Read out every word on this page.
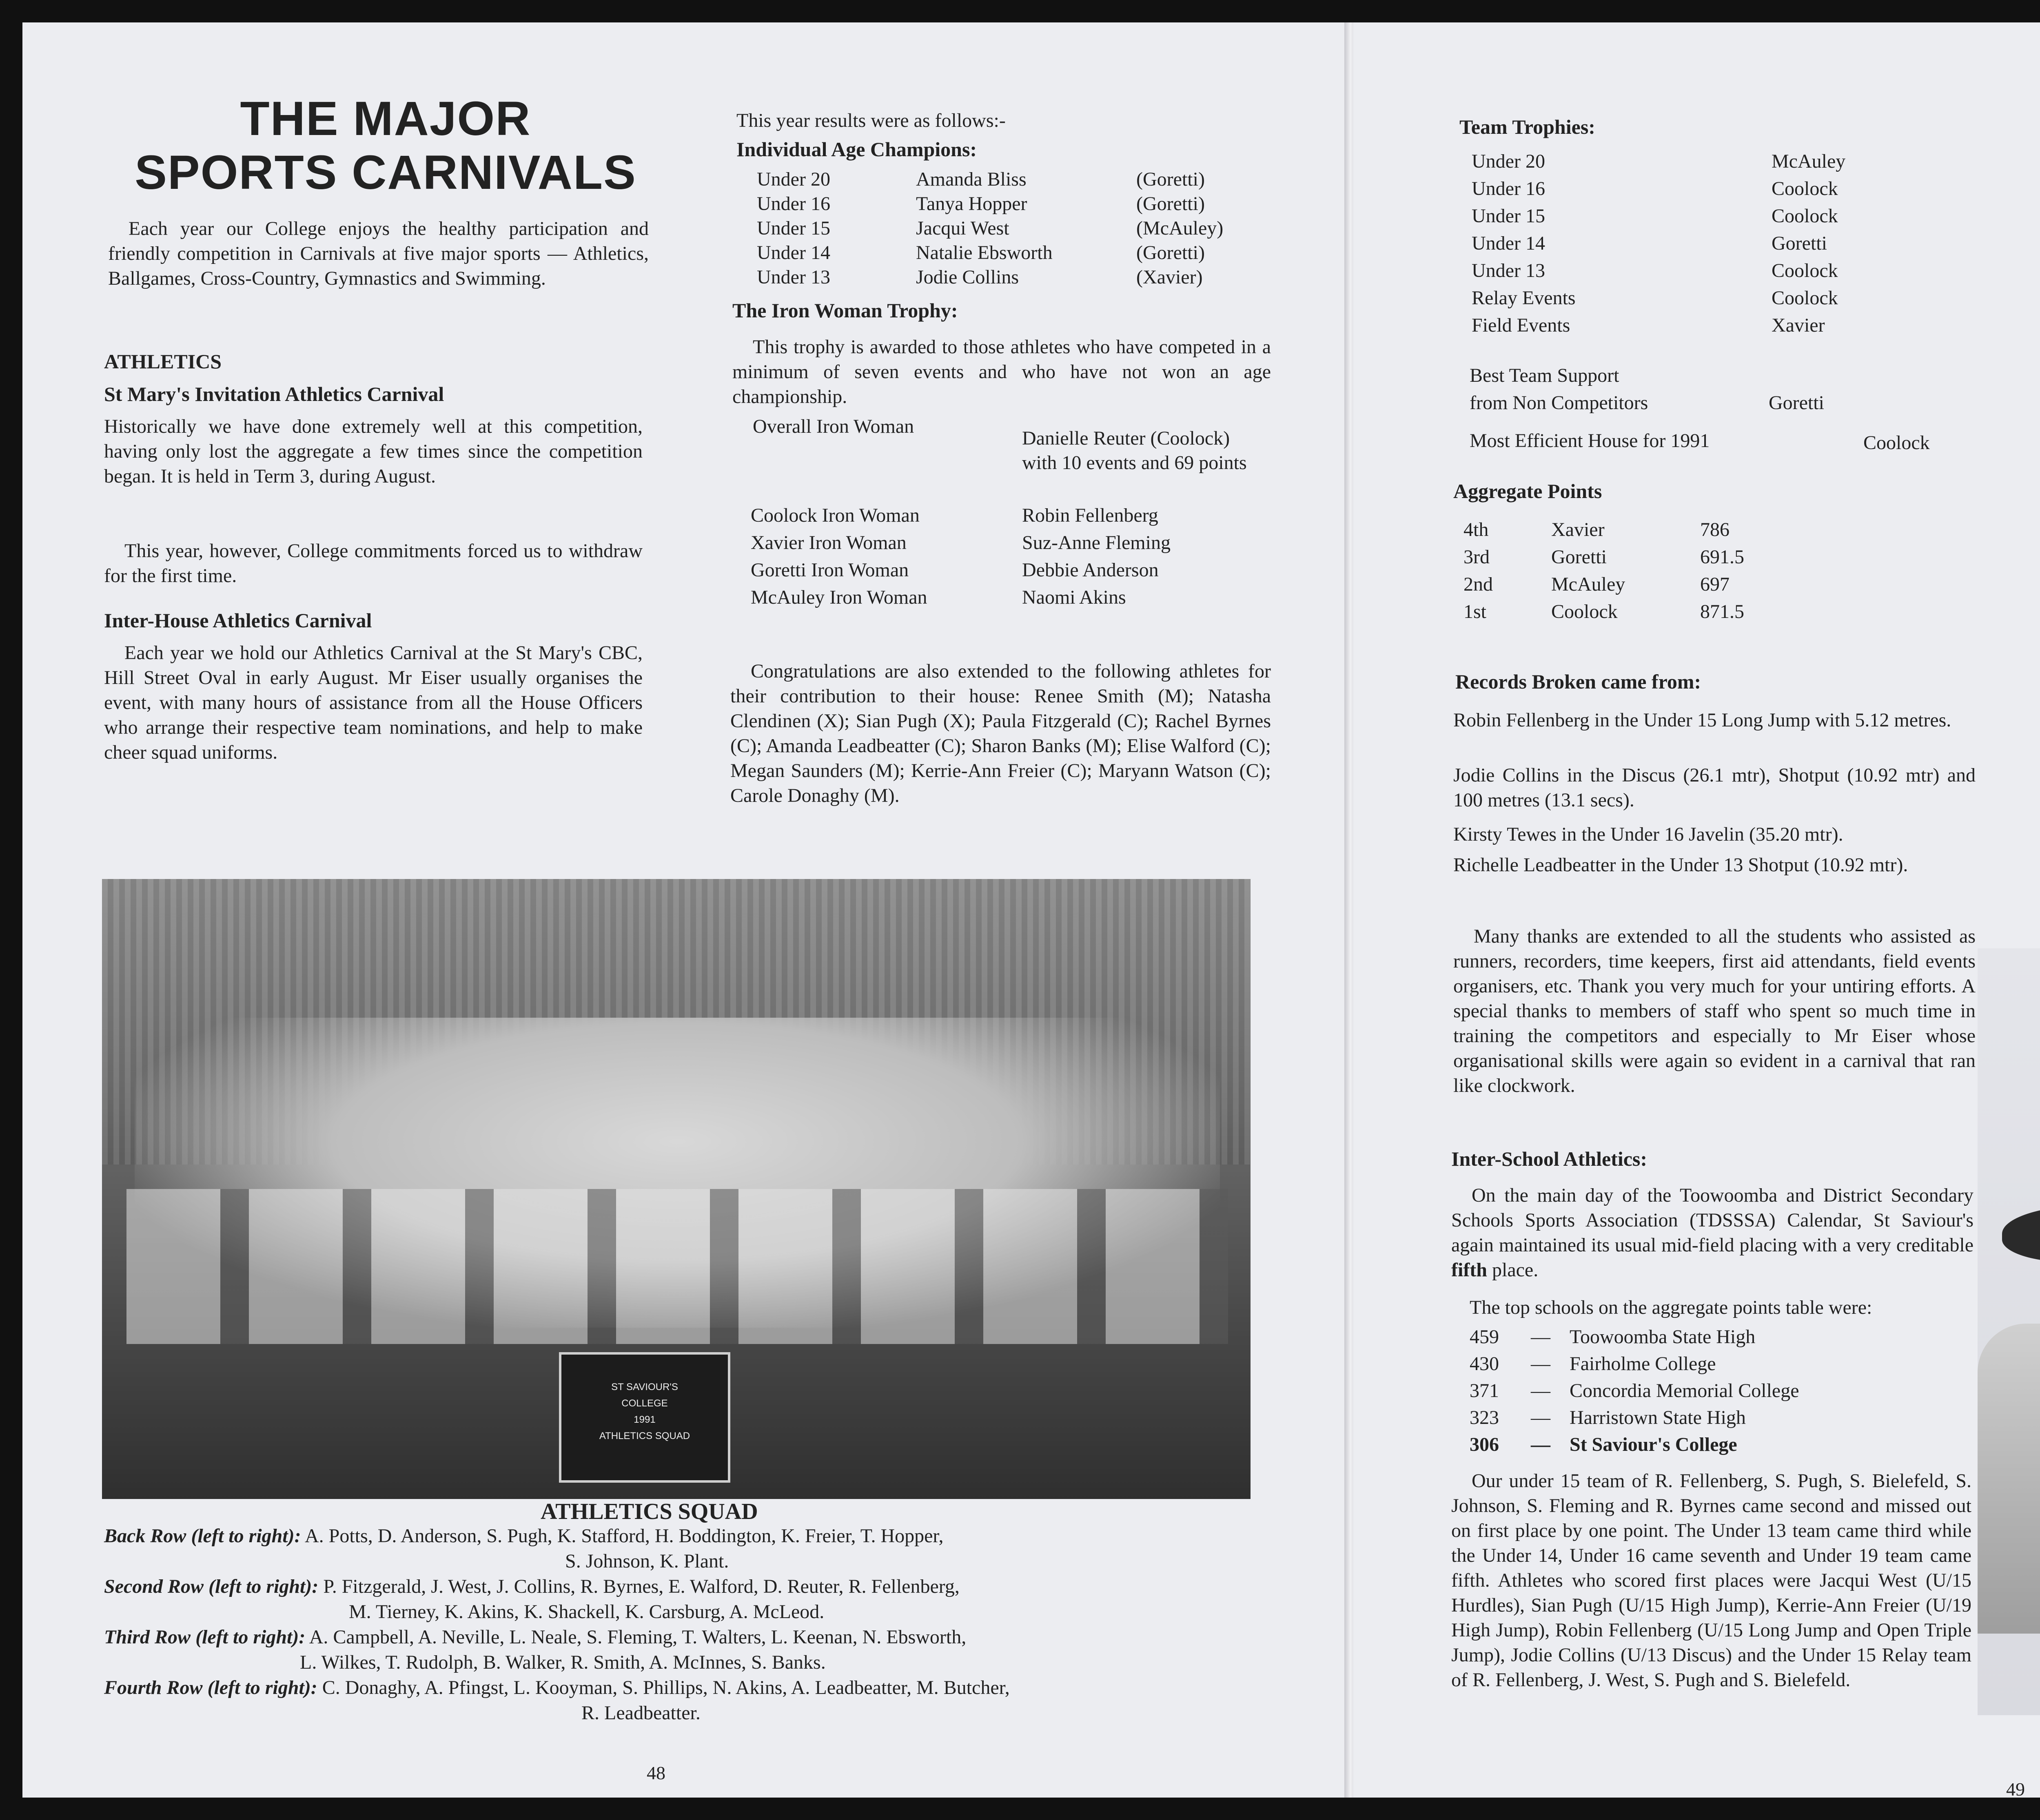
THE MAJOR
SPORTS CARNIVALS
Each year our College enjoys the healthy participation and friendly competition in Carnivals at five major sports — Athletics, Ballgames, Cross-Country, Gymnastics and Swimming.
ATHLETICS
St Mary's Invitation Athletics Carnival
Historically we have done extremely well at this competition, having only lost the aggregate a few times since the competition began. It is held in Term 3, during August.
This year, however, College commitments forced us to withdraw for the first time.
Inter-House Athletics Carnival
Each year we hold our Athletics Carnival at the St Mary's CBC, Hill Street Oval in early August. Mr Eiser usually organises the event, with many hours of assistance from all the House Officers who arrange their respective team nominations, and help to make cheer squad uniforms.
This year results were as follows:-
Individual Age Champions:
Under 20	Amanda Bliss	(Goretti)
Under 16	Tanya Hopper	(Goretti)
Under 15	Jacqui West	(McAuley)
Under 14	Natalie Ebsworth	(Goretti)
Under 13	Jodie Collins	(Xavier)
The Iron Woman Trophy:
This trophy is awarded to those athletes who have competed in a minimum of seven events and who have not won an age championship.
Overall Iron Woman
Danielle Reuter (Coolock) with 10 events and 69 points
Coolock Iron Woman	Robin Fellenberg
Xavier Iron Woman	Suz-Anne Fleming
Goretti Iron Woman	Debbie Anderson
McAuley Iron Woman	Naomi Akins
Congratulations are also extended to the following athletes for their contribution to their house: Renee Smith (M); Natasha Clendinen (X); Sian Pugh (X); Paula Fitzgerald (C); Rachel Byrnes (C); Amanda Leadbeatter (C); Sharon Banks (M); Elise Walford (C); Megan Saunders (M); Kerrie-Ann Freier (C); Maryann Watson (C); Carole Donaghy (M).
ST SAVIOUR'S
COLLEGE
1991
ATHLETICS SQUAD
ATHLETICS SQUAD
Back Row (left to right): A. Potts, D. Anderson, S. Pugh, K. Stafford, H. Boddington, K. Freier, T. Hopper,
S. Johnson, K. Plant.
Second Row (left to right): P. Fitzgerald, J. West, J. Collins, R. Byrnes, E. Walford, D. Reuter, R. Fellenberg,
M. Tierney, K. Akins, K. Shackell, K. Carsburg, A. McLeod.
Third Row (left to right): A. Campbell, A. Neville, L. Neale, S. Fleming, T. Walters, L. Keenan, N. Ebsworth,
L. Wilkes, T. Rudolph, B. Walker, R. Smith, A. McInnes, S. Banks.
Fourth Row (left to right): C. Donaghy, A. Pfingst, L. Kooyman, S. Phillips, N. Akins, A. Leadbeatter, M. Butcher,
R. Leadbeatter.
48
Team Trophies:
Under 20	McAuley
Under 16	Coolock
Under 15	Coolock
Under 14	Goretti
Under 13	Coolock
Relay Events	Coolock
Field Events	Xavier
Best Team Support
from Non Competitors	Goretti
Most Efficient House for 1991	Coolock
Aggregate Points
4th	Xavier	786
3rd	Goretti	691.5
2nd	McAuley	697
1st	Coolock	871.5
Records Broken came from:
Robin Fellenberg in the Under 15 Long Jump with 5.12 metres.
Jodie Collins in the Discus (26.1 mtr), Shotput (10.92 mtr) and 100 metres (13.1 secs).
Kirsty Tewes in the Under 16 Javelin (35.20 mtr).
Richelle Leadbeatter in the Under 13 Shotput (10.92 mtr).
Many thanks are extended to all the students who assisted as runners, recorders, time keepers, first aid attendants, field events organisers, etc. Thank you very much for your untiring efforts. A special thanks to members of staff who spent so much time in training the competitors and especially to Mr Eiser whose organisational skills were again so evident in a carnival that ran like clockwork.
Inter-School Athletics:
On the main day of the Toowoomba and District Secondary Schools Sports Association (TDSSSA) Calendar, St Saviour's again maintained its usual mid-field placing with a very creditable fifth place.
The top schools on the aggregate points table were:
459	—	Toowoomba State High
430	—	Fairholme College
371	—	Concordia Memorial College
323	—	Harristown State High
306	—	St Saviour's College
Our under 15 team of R. Fellenberg, S. Pugh, S. Bielefeld, S. Johnson, S. Fleming and R. Byrnes came second and missed out on first place by one point. The Under 13 team came third while the Under 14, Under 16 came seventh and Under 19 team came fifth. Athletes who scored first places were Jacqui West (U/15 Hurdles), Sian Pugh (U/15 High Jump), Kerrie-Ann Freier (U/19 High Jump), Robin Fellenberg (U/15 Long Jump and Open Triple Jump), Jodie Collins (U/13 Discus) and the Under 15 Relay team of R. Fellenberg, J. West, S. Pugh and S. Bielefeld.
49
